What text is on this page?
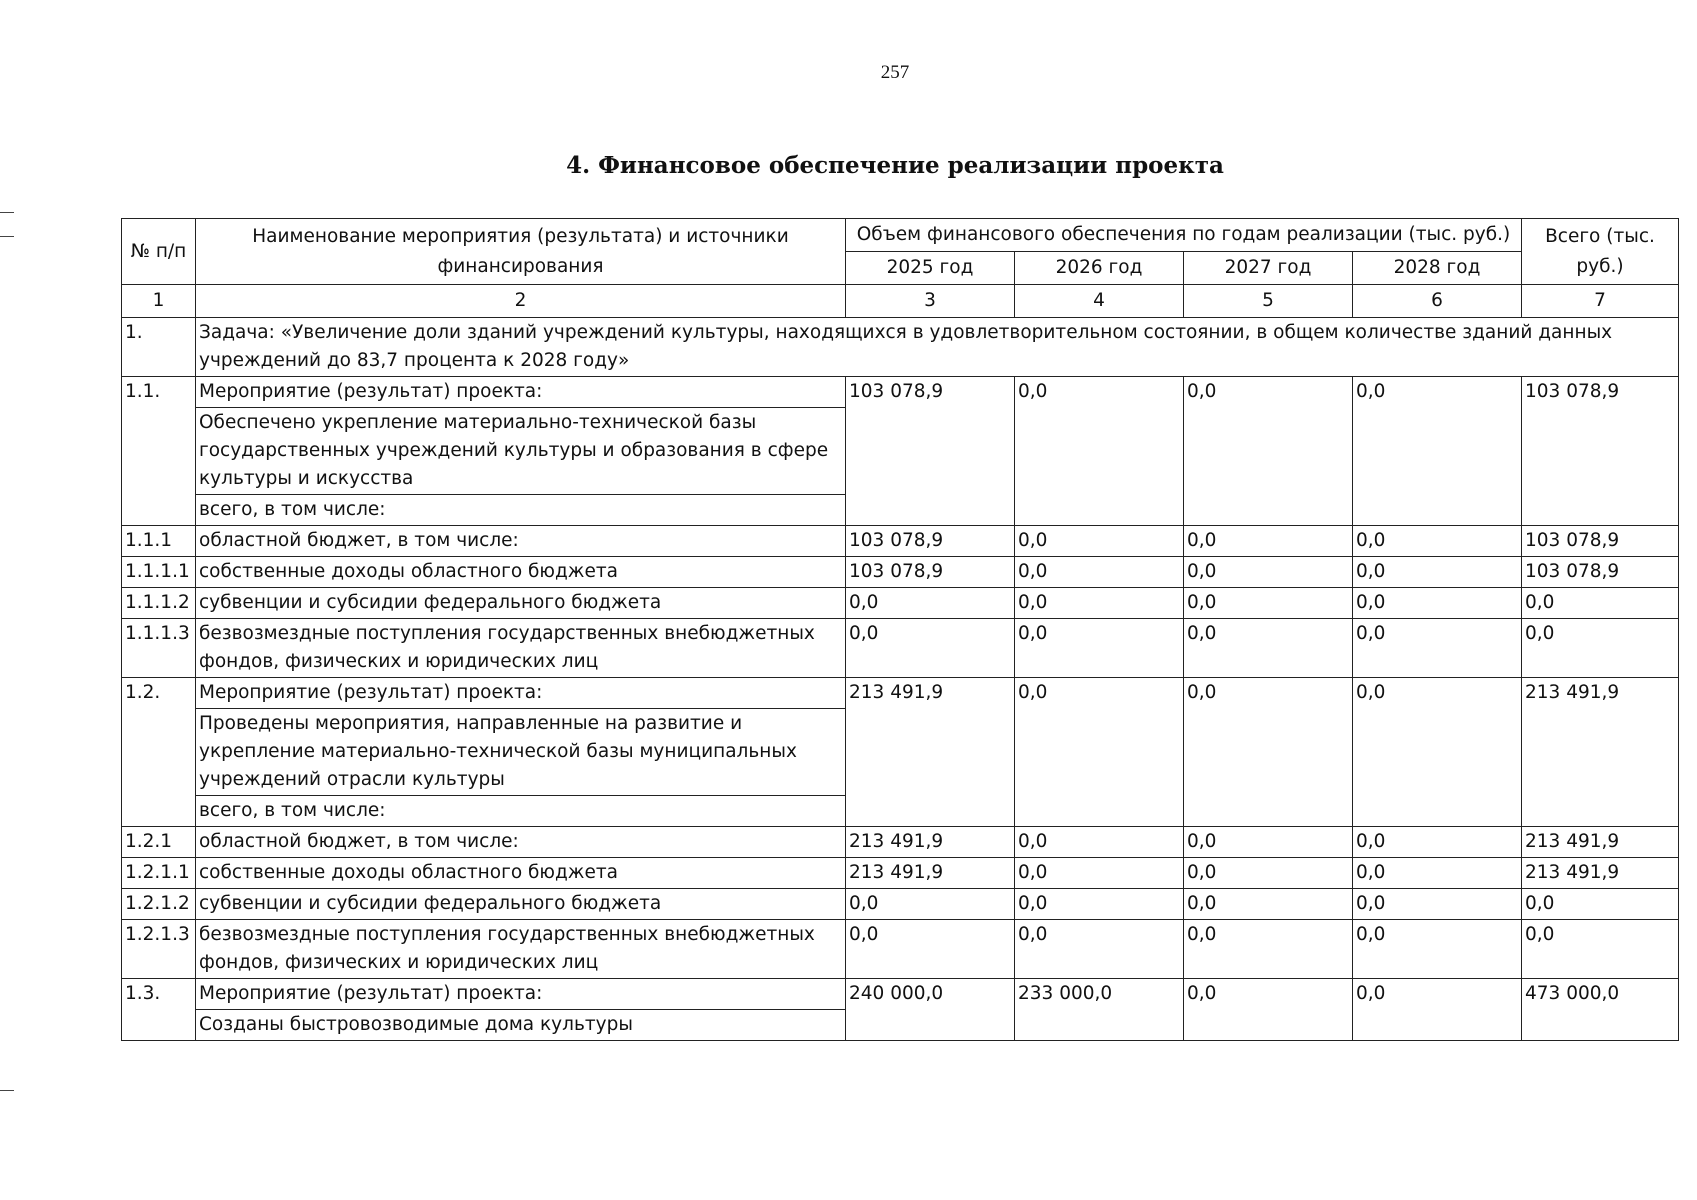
257
4. Финансовое обеспечение реализации проекта
№ п/п	Наименование мероприятия (результата) и источники финансирования	Объем финансового обеспечения по годам реализации (тыс. руб.)				Всего (тыс. руб.)
		2025 год	2026 год	2027 год	2028 год	
1	2	3	4	5	6	7
1.	Задача: «Увеличение доли зданий учреждений культуры, находящихся в удовлетворительном состоянии, в общем количестве зданий данных учреждений до 83,7 процента к 2028 году»					
1.1.	Мероприятие (результат) проекта:	103 078,9	0,0	0,0	0,0	103 078,9
	Обеспечено укрепление материально-технической базы государственных учреждений культуры и образования в сфере культуры и искусства					
	всего, в том числе:					
1.1.1	областной бюджет, в том числе:	103 078,9	0,0	0,0	0,0	103 078,9
1.1.1.1	собственные доходы областного бюджета	103 078,9	0,0	0,0	0,0	103 078,9
1.1.1.2	субвенции и субсидии федерального бюджета	0,0	0,0	0,0	0,0	0,0
1.1.1.3	безвозмездные поступления государственных внебюджетных фондов, физических и юридических лиц	0,0	0,0	0,0	0,0	0,0
1.2.	Мероприятие (результат) проекта:	213 491,9	0,0	0,0	0,0	213 491,9
	Проведены мероприятия, направленные на развитие и укрепление материально-технической базы муниципальных учреждений отрасли культуры					
	всего, в том числе:					
1.2.1	областной бюджет, в том числе:	213 491,9	0,0	0,0	0,0	213 491,9
1.2.1.1	собственные доходы областного бюджета	213 491,9	0,0	0,0	0,0	213 491,9
1.2.1.2	субвенции и субсидии федерального бюджета	0,0	0,0	0,0	0,0	0,0
1.2.1.3	безвозмездные поступления государственных внебюджетных фондов, физических и юридических лиц	0,0	0,0	0,0	0,0	0,0
1.3.	Мероприятие (результат) проекта:	240 000,0	233 000,0	0,0	0,0	473 000,0
	Созданы быстровозводимые дома культуры					
